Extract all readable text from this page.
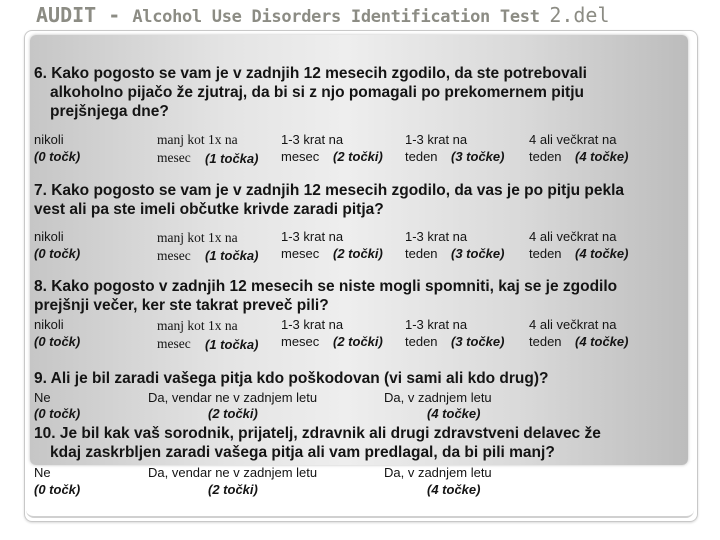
AUDIT - Alcohol Use Disorders Identification Test 2.del
6. Kako pogosto se vam je v zadnjih 12 mesecih zgodilo, da ste potrebovali
alkoholno pijačo že zjutraj, da bi si z njo pomagali po prekomernem pitju
prejšnjega dne?
nikoli
(0 točk)
manj kot 1x na
mesec (1 točka)
1-3 krat na
mesec (2 točki)
1-3 krat na
teden (3 točke)
4 ali večkrat na
teden (4 točke)
7. Kako pogosto se vam je v zadnjih 12 mesecih zgodilo, da vas je po pitju pekla
vest ali pa ste imeli občutke krivde zaradi pitja?
nikoli
(0 točk)
manj kot 1x na
mesec (1 točka)
1-3 krat na
mesec (2 točki)
1-3 krat na
teden (3 točke)
4 ali večkrat na
teden (4 točke)
8. Kako pogosto v zadnjih 12 mesecih se niste mogli spomniti, kaj se je zgodilo
prejšnji večer, ker ste takrat preveč pili?
nikoli
(0 točk)
manj kot 1x na
mesec (1 točka)
1-3 krat na
mesec (2 točki)
1-3 krat na
teden (3 točke)
4 ali večkrat na
teden (4 točke)
9. Ali je bil zaradi vašega pitja kdo poškodovan (vi sami ali kdo drug)?
Ne
(0 točk)
Da, vendar ne v zadnjem letu
(2 točki)
Da, v zadnjem letu
(4 točke)
10. Je bil kak vaš sorodnik, prijatelj, zdravnik ali drugi zdravstveni delavec že
kdaj zaskrbljen zaradi vašega pitja ali vam predlagal, da bi pili manj?
Ne
(0 točk)
Da, vendar ne v zadnjem letu
(2 točki)
Da, v zadnjem letu
(4 točke)
